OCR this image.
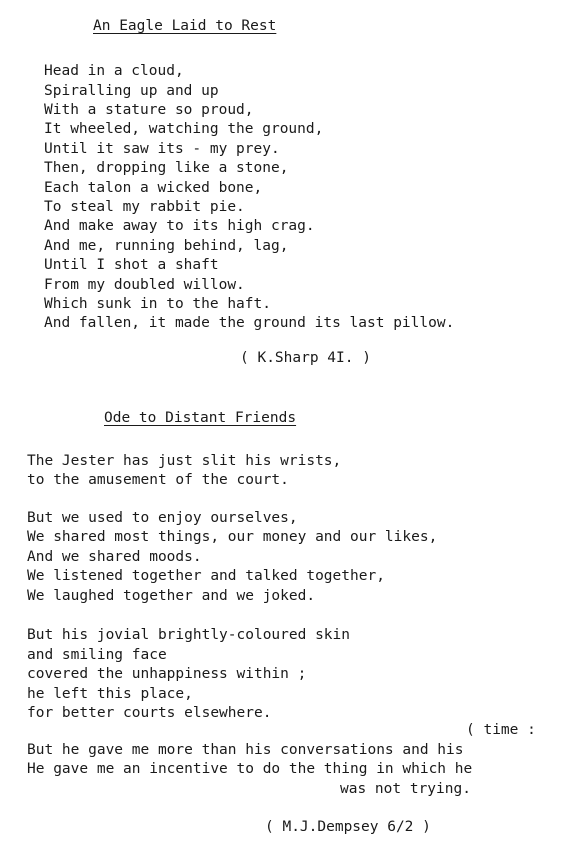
An Eagle Laid to Rest
Head in a cloud,
Spiralling up and up
With a stature so proud,
It wheeled, watching the ground,
Until it saw its - my prey.
Then, dropping like a stone,
Each talon a wicked bone,
To steal my rabbit pie.
And make away to its high crag.
And me, running behind, lag,
Until I shot a shaft
From my doubled willow.
Which sunk in to the haft.
And fallen, it made the ground its last pillow.
( K.Sharp 4I. )
Ode to Distant Friends
The Jester has just slit his wrists,
to the amusement of the court.
But we used to enjoy ourselves,
We shared most things, our money and our likes,
And we shared moods.
We listened together and talked together,
We laughed together and we joked.
But his jovial brightly-coloured skin
and smiling face
covered the unhappiness within ;
he left this place,
for better courts elsewhere.
( time :
But he gave me more than his conversations and his
He gave me an incentive to do the thing in which he
was not trying.
( M.J.Dempsey 6/2 )
